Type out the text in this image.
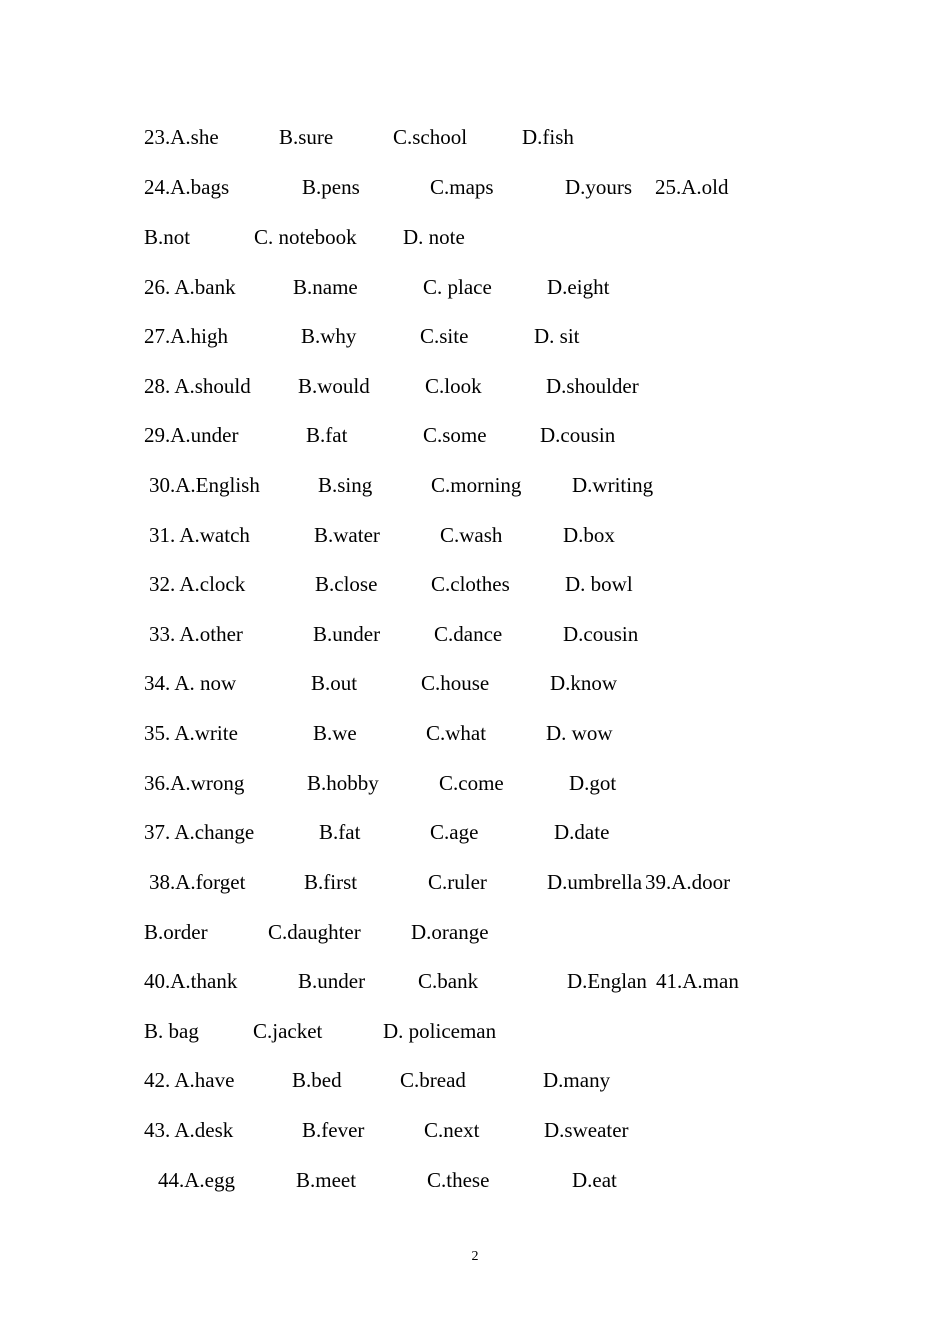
23.A.she	B.sure	C.school	D.fish
24.A.bags	B.pens	C.maps	D.yours 25.A.old
B.not	C. notebook D. note
26. A.bank	B.name	C. place	D.eight
27.A.high	B.why	C.site	D. sit
28. A.should B.would	C.look	D.shoulder
29.A.under	B.fat	C.some	D.cousin
30.A.English	B.sing	C.morning D.writing
31. A.watch	B.water	C.wash	D.box
32. A.clock	B.close	C.clothes	D. bowl
33. A.other	B.under	C.dance	D.cousin
34. A. now	B.out	C.house	D.know
35. A.write	B.we	C.what	D. wow
36.A.wrong	B.hobby	C.come	D.got
37. A.change	B.fat	C.age	D.date
38.A.forget	B.first	C.ruler	D.umbrella 39.A.door
B.order	C.daughter D.orange
40.A.thank	B.under	C.bank	D.Englan 41.A.man
B. bag	C.jacket	D. policeman
42. A.have	B.bed	C.bread	D.many
43. A.desk	B.fever	C.next	D.sweater
44.A.egg	B.meet	C.these	D.eat
2
